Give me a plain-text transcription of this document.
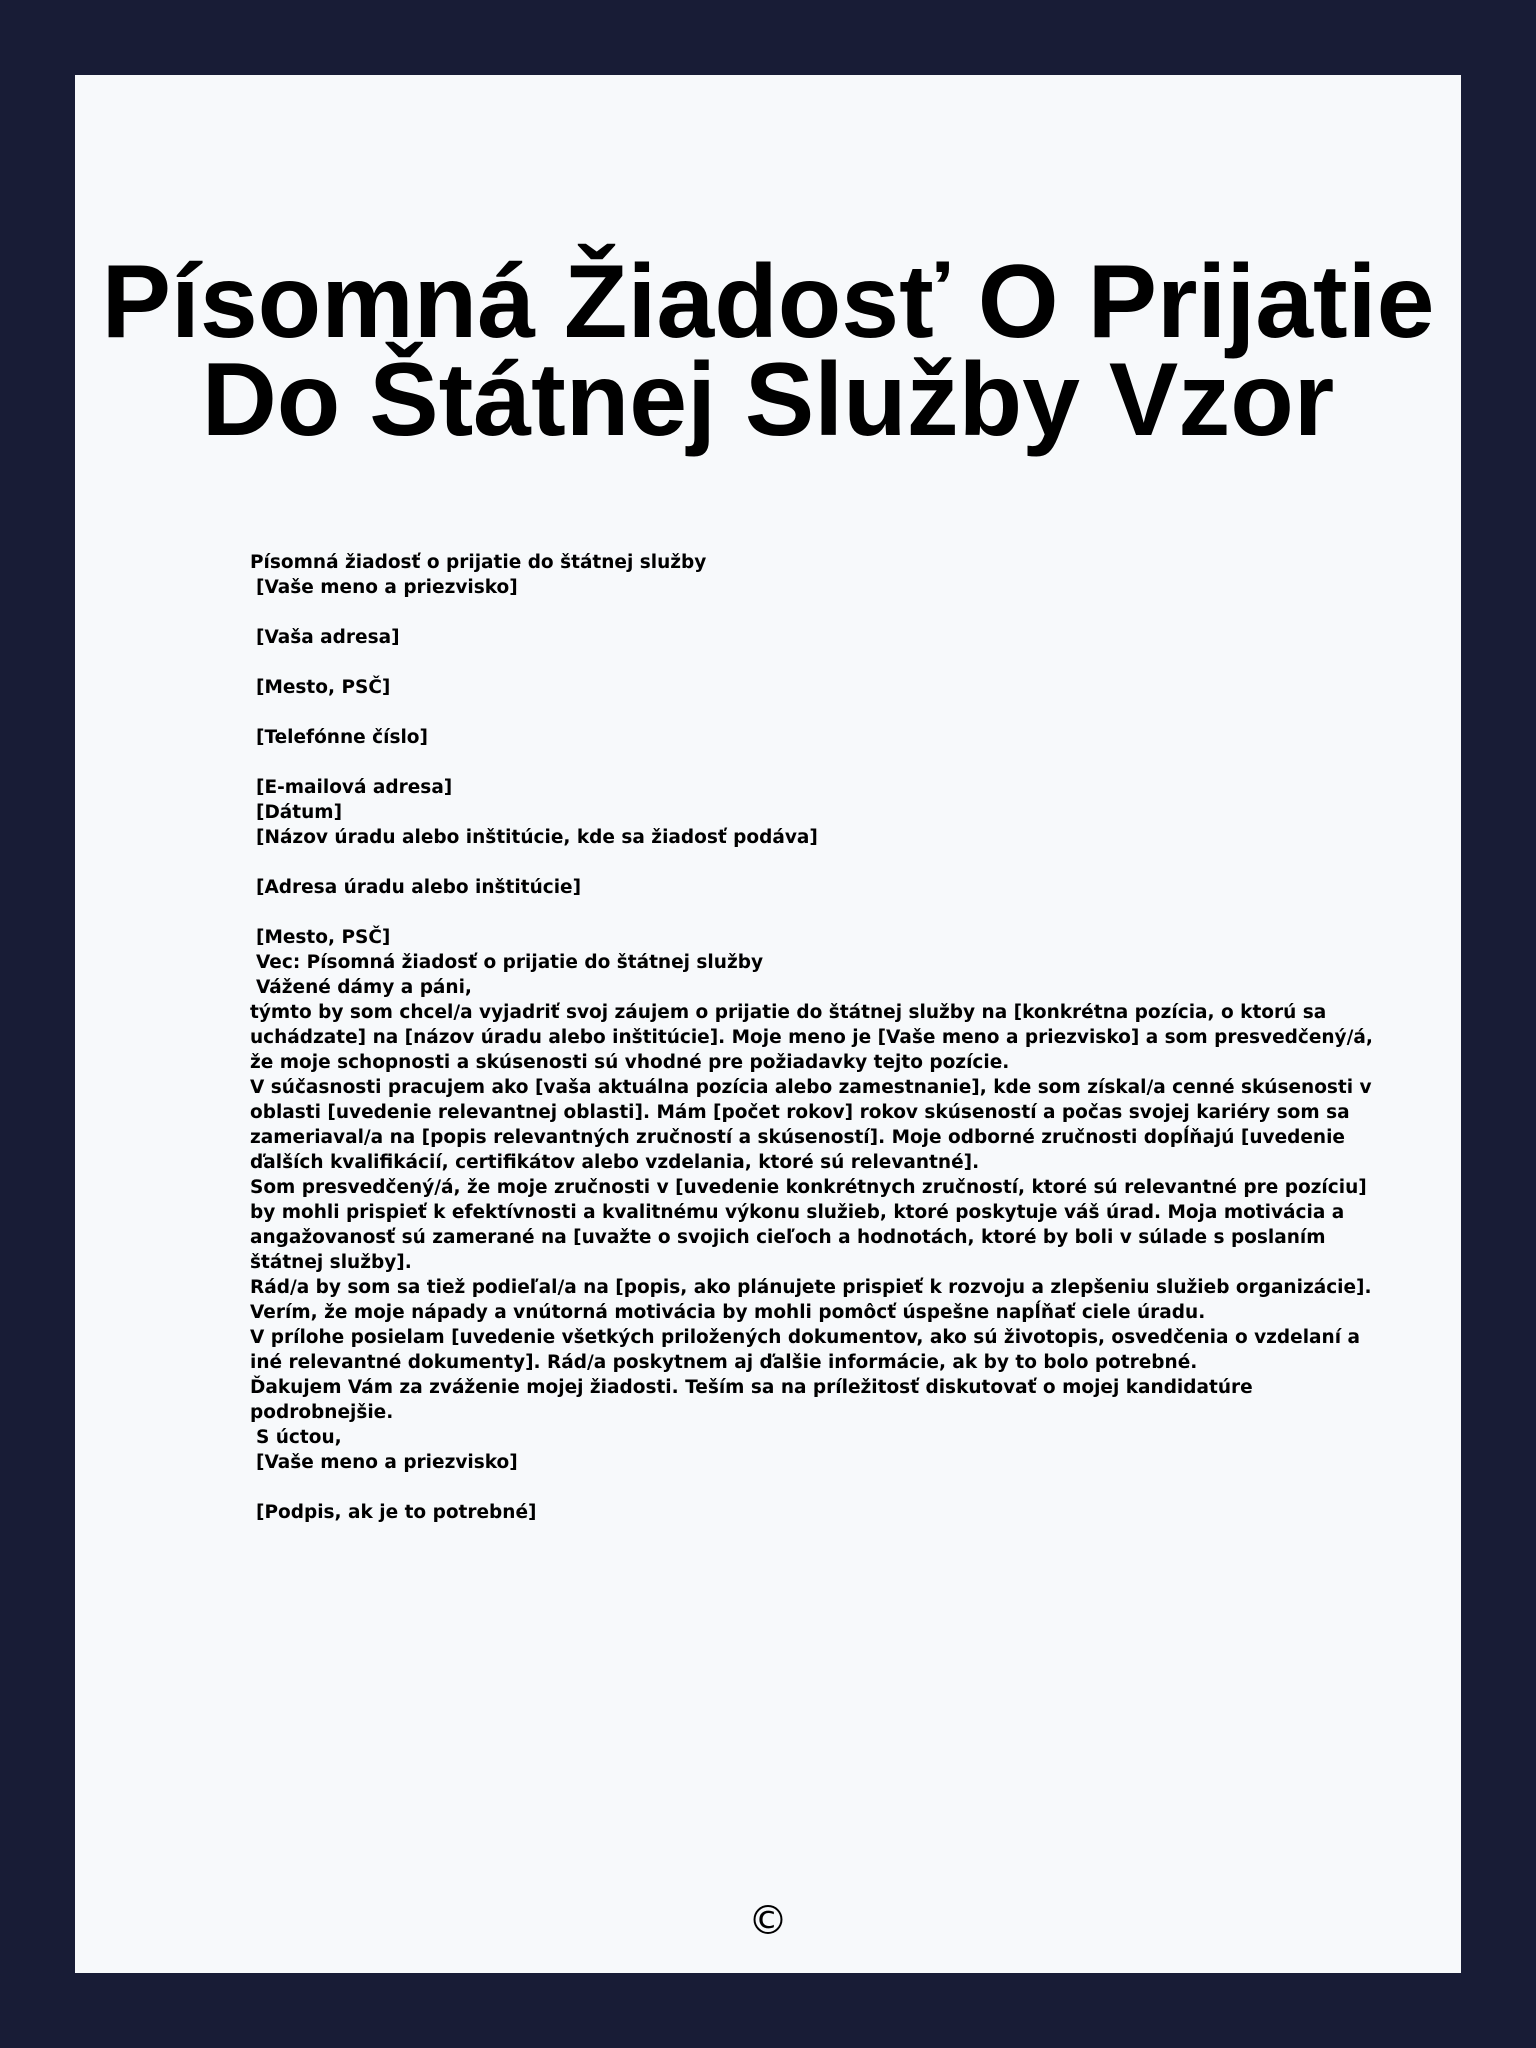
Písomná Žiadosť O Prijatie
Do Štátnej Služby Vzor
Písomná žiadosť o prijatie do štátnej služby
[Vaše meno a priezvisko]
[Vaša adresa]
[Mesto, PSČ]
[Telefónne číslo]
[E-mailová adresa]
[Dátum]
[Názov úradu alebo inštitúcie, kde sa žiadosť podáva]
[Adresa úradu alebo inštitúcie]
[Mesto, PSČ]
Vec: Písomná žiadosť o prijatie do štátnej služby
Vážené dámy a páni,
týmto by som chcel/a vyjadriť svoj záujem o prijatie do štátnej služby na [konkrétna pozícia, o ktorú sa
uchádzate] na [názov úradu alebo inštitúcie]. Moje meno je [Vaše meno a priezvisko] a som presvedčený/á,
že moje schopnosti a skúsenosti sú vhodné pre požiadavky tejto pozície.
V súčasnosti pracujem ako [vaša aktuálna pozícia alebo zamestnanie], kde som získal/a cenné skúsenosti v
oblasti [uvedenie relevantnej oblasti]. Mám [počet rokov] rokov skúseností a počas svojej kariéry som sa
zameriaval/a na [popis relevantných zručností a skúseností]. Moje odborné zručnosti dopĺňajú [uvedenie
ďalších kvalifikácií, certifikátov alebo vzdelania, ktoré sú relevantné].
Som presvedčený/á, že moje zručnosti v [uvedenie konkrétnych zručností, ktoré sú relevantné pre pozíciu]
by mohli prispieť k efektívnosti a kvalitnému výkonu služieb, ktoré poskytuje váš úrad. Moja motivácia a
angažovanosť sú zamerané na [uvažte o svojich cieľoch a hodnotách, ktoré by boli v súlade s poslaním
štátnej služby].
Rád/a by som sa tiež podieľal/a na [popis, ako plánujete prispieť k rozvoju a zlepšeniu služieb organizácie].
Verím, že moje nápady a vnútorná motivácia by mohli pomôcť úspešne napĺňať ciele úradu.
V prílohe posielam [uvedenie všetkých priložených dokumentov, ako sú životopis, osvedčenia o vzdelaní a
iné relevantné dokumenty]. Rád/a poskytnem aj ďalšie informácie, ak by to bolo potrebné.
Ďakujem Vám za zváženie mojej žiadosti. Teším sa na príležitosť diskutovať o mojej kandidatúre
podrobnejšie.
S úctou,
[Vaše meno a priezvisko]
[Podpis, ak je to potrebné]
©
